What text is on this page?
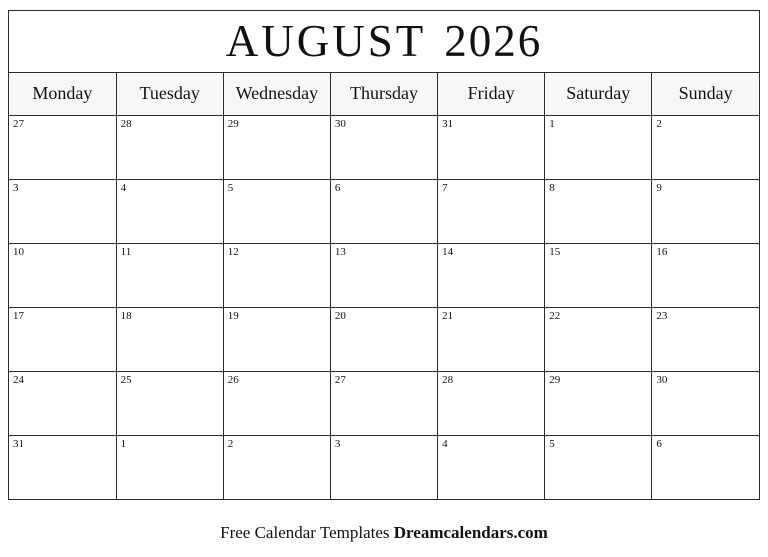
AUGUST 2026
Monday	Tuesday	Wednesday	Thursday	Friday	Saturday	Sunday

27	28	29	30	31	1	2

3	4	5	6	7	8	9

10	11	12	13	14	15	16

17	18	19	20	21	22	23

24	25	26	27	28	29	30

31	1	2	3	4	5	6
Free Calendar Templates Dreamcalendars.com
